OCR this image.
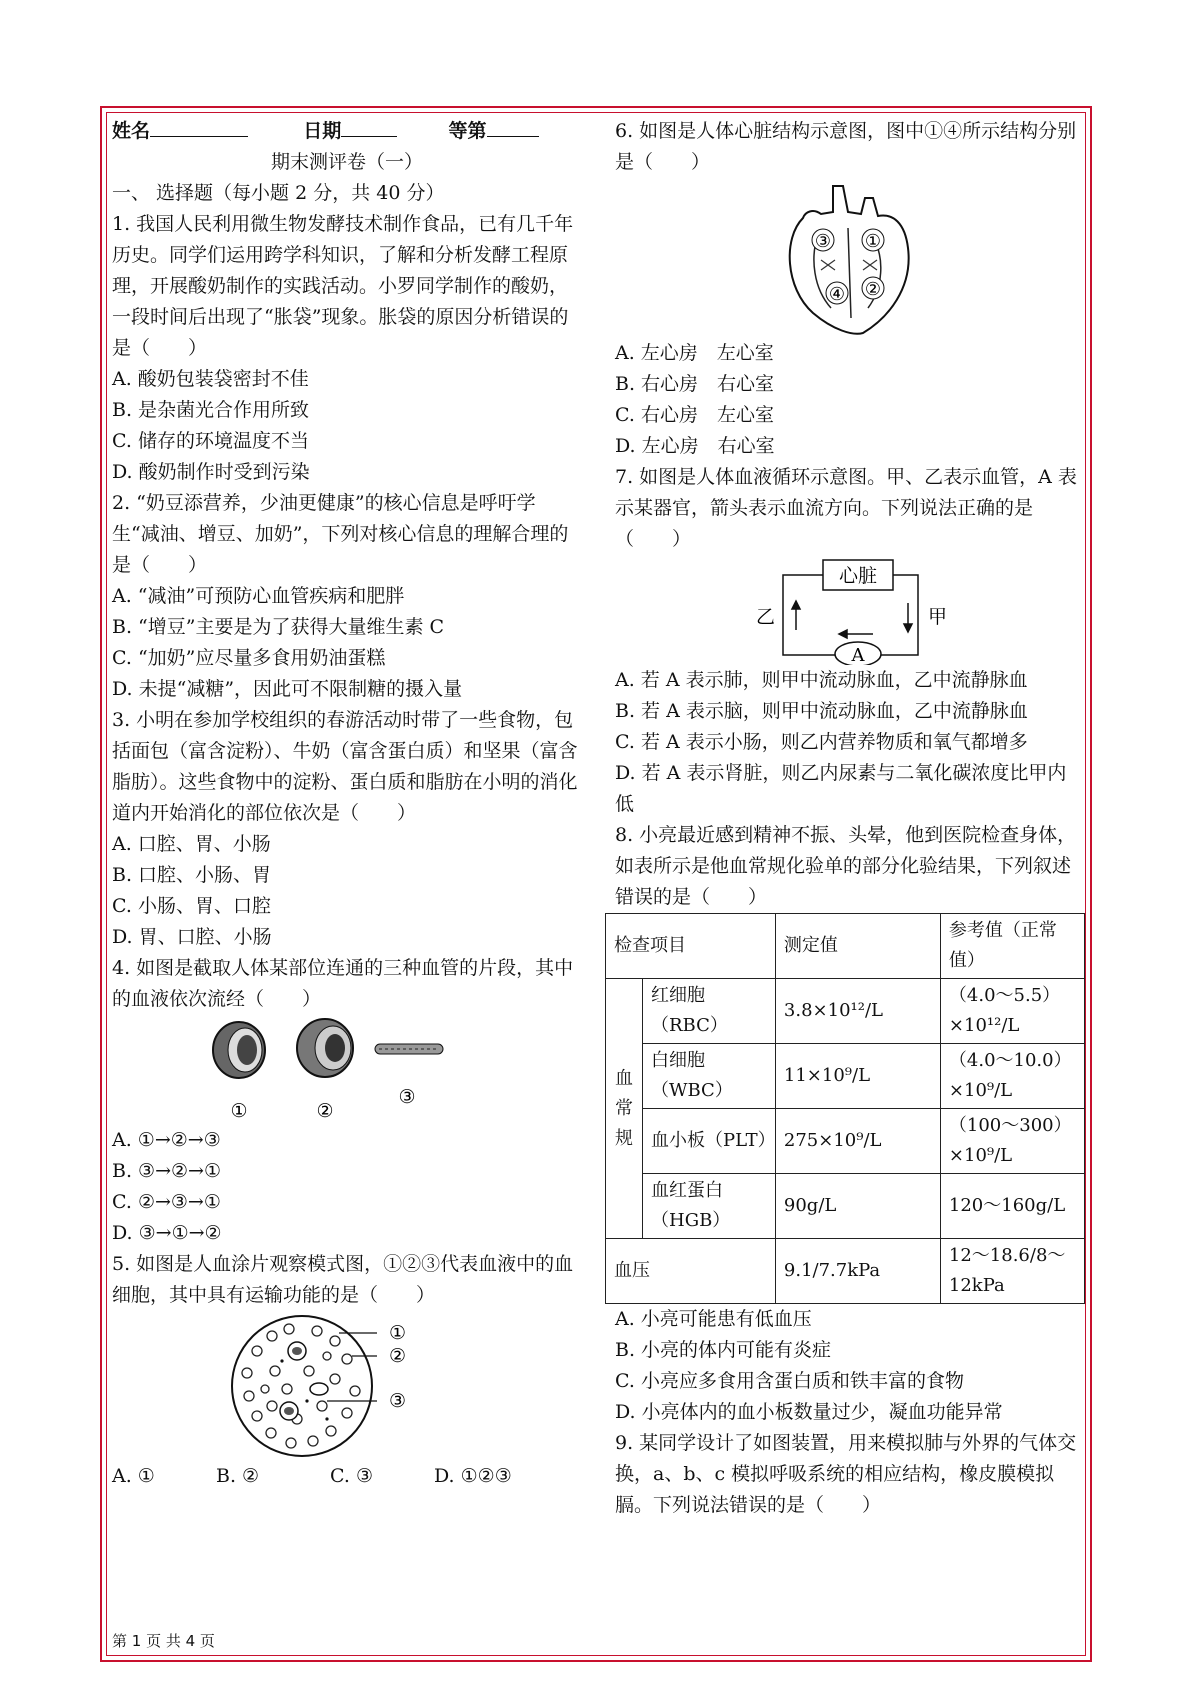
姓名	日期	等第
期末测评卷（一）
一、 选择题（每小题 2 分，共 40 分）
1. 我国人民利用微生物发酵技术制作食品，已有几千年历史。同学们运用跨学科知识，了解和分析发酵工程原理，开展酸奶制作的实践活动。小罗同学制作的酸奶，一段时间后出现了“胀袋”现象。胀袋的原因分析错误的是（　　）
A. 酸奶包装袋密封不佳
B. 是杂菌光合作用所致
C. 储存的环境温度不当
D. 酸奶制作时受到污染
2. “奶豆添营养，少油更健康”的核心信息是呼吁学生“减油、增豆、加奶”，下列对核心信息的理解合理的是（　　）
A. “减油”可预防心血管疾病和肥胖
B. “增豆”主要是为了获得大量维生素 C
C. “加奶”应尽量多食用奶油蛋糕
D. 未提“减糖”，因此可不限制糖的摄入量
3. 小明在参加学校组织的春游活动时带了一些食物，包括面包（富含淀粉）、牛奶（富含蛋白质）和坚果（富含脂肪）。这些食物中的淀粉、蛋白质和脂肪在小明的消化道内开始消化的部位依次是（　　）
A. 口腔、胃、小肠
B. 口腔、小肠、胃
C. 小肠、胃、口腔
D. 胃、口腔、小肠
4. 如图是截取人体某部位连通的三种血管的片段，其中的血液依次流经（　　）
①	②
③
A. ①→②→③
B. ③→②→①
C. ②→③→①
D. ③→①→②
5. 如图是人血涂片观察模式图，①②③代表血液中的血细胞，其中具有运输功能的是（　　）
①
②
③
A. ①	B. ②	C. ③	D. ①②③
6. 如图是人体心脏结构示意图，图中①④所示结构分别是（　　）
③ ①
④ ②
A. 左心房　左心室
B. 右心房　右心室
C. 右心房　左心室
D. 左心房　右心室
7. 如图是人体血液循环示意图。甲、乙表示血管，A 表示某器官，箭头表示血流方向。下列说法正确的是　（　　）
心脏
A
乙	甲
A. 若 A 表示肺，则甲中流动脉血，乙中流静脉血
B. 若 A 表示脑，则甲中流动脉血，乙中流静脉血
C. 若 A 表示小肠，则乙内营养物质和氧气都增多
D. 若 A 表示肾脏，则乙内尿素与二氧化碳浓度比甲内低
8. 小亮最近感到精神不振、头晕，他到医院检查身体，如表所示是他血常规化验单的部分化验结果，下列叙述错误的是（　　）
检查项目		测定值	参考值（正常值）
血常规	红细胞（RBC）	3.8×10¹²/L	（4.0～5.5）×10¹²/L
	白细胞（WBC）	11×10⁹/L	（4.0～10.0）×10⁹/L
	血小板（PLT）	275×10⁹/L	（100～300）×10⁹/L
	血红蛋白（HGB）	90g/L	120～160g/L
血压		9.1/7.7kPa	12～18.6/8～12kPa
A. 小亮可能患有低血压
B. 小亮的体内可能有炎症
C. 小亮应多食用含蛋白质和铁丰富的食物
D. 小亮体内的血小板数量过少，凝血功能异常
9. 某同学设计了如图装置，用来模拟肺与外界的气体交换，a、b、c 模拟呼吸系统的相应结构，橡皮膜模拟膈。下列说法错误的是（　　）
第 1 页 共 4 页
